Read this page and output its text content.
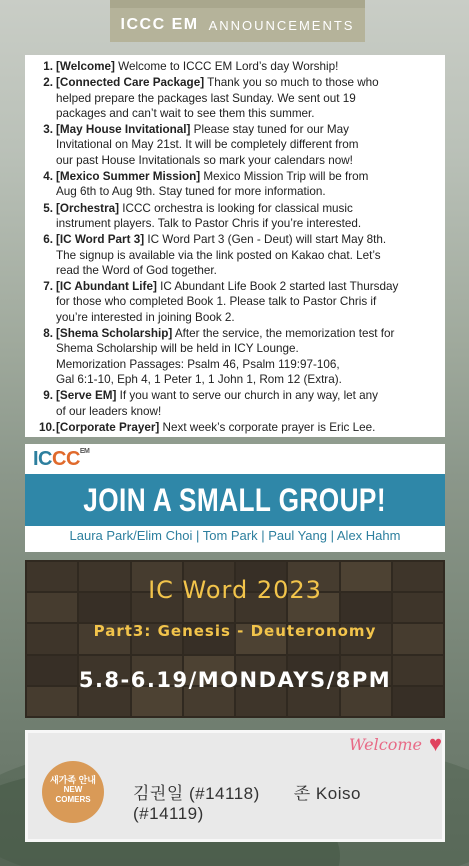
ICCC EM ANNOUNCEMENTS
1. [Welcome] Welcome to ICCC EM Lord’s day Worship!
2. [Connected Care Package] Thank you so much to those who
helped prepare the packages last Sunday. We sent out 19
packages and can’t wait to see them this summer.
3. [May House Invitational] Please stay tuned for our May
Invitational on May 21st. It will be completely different from
our past House Invitationals so mark your calendars now!
4. [Mexico Summer Mission] Mexico Mission Trip will be from
Aug 6th to Aug 9th. Stay tuned for more information.
5. [Orchestra] ICCC orchestra is looking for classical music
instrument players. Talk to Pastor Chris if you’re interested.
6. [IC Word Part 3] IC Word Part 3 (Gen - Deut) will start May 8th.
The signup is available via the link posted on Kakao chat. Let’s
read the Word of God together.
7. [IC Abundant Life] IC Abundant Life Book 2 started last Thursday
for those who completed Book 1. Please talk to Pastor Chris if
you’re interested in joining Book 2.
8. [Shema Scholarship] After the service, the memorization test for
Shema Scholarship will be held in ICY Lounge.
Memorization Passages: Psalm 46, Psalm 119:97-106,
Gal 6:1-10, Eph 4, 1 Peter 1, 1 John 1, Rom 12 (Extra).
9. [Serve EM] If you want to serve our church in any way, let any
of our leaders know!
10. [Corporate Prayer] Next week’s corporate prayer is Eric Lee.
$ICCC^{EM}$
JOIN A SMALL GROUP!
Laura Park/Elim Choi | Tom Park | Paul Yang | Alex Hahm
IC Word 2023
Part3: Genesis - Deuteronomy
5.8-6.19/MONDAYS/8PM
새가족 안내
NEW
COMERS
Welcome ♥
김권일 (#14118) 존 Koiso (#14119)
